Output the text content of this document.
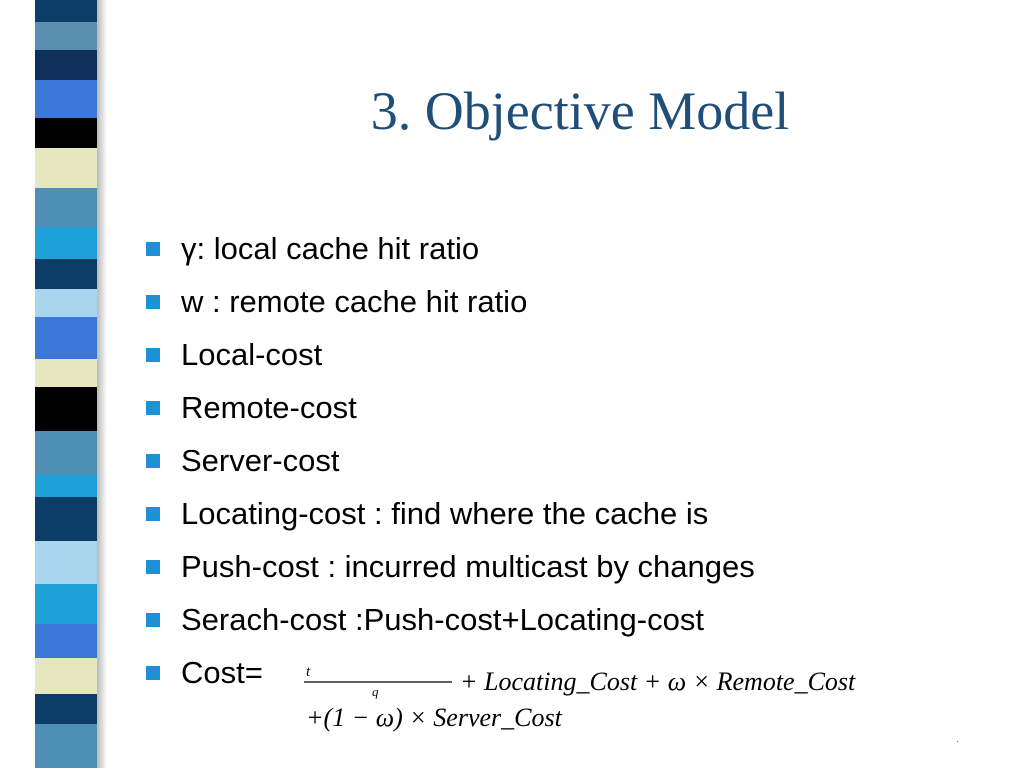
3. Objective Model
γ: local cache hit ratio
w : remote cache hit ratio
Local-cost
Remote-cost
Server-cost
Locating-cost : find where the cache is
Push-cost : incurred multicast by changes
Serach-cost :Push-cost+Locating-cost
Cost=	t
q	+ Locating_Cost + ω × Remote_Cost
+(1 − ω) × Server_Cost
·
